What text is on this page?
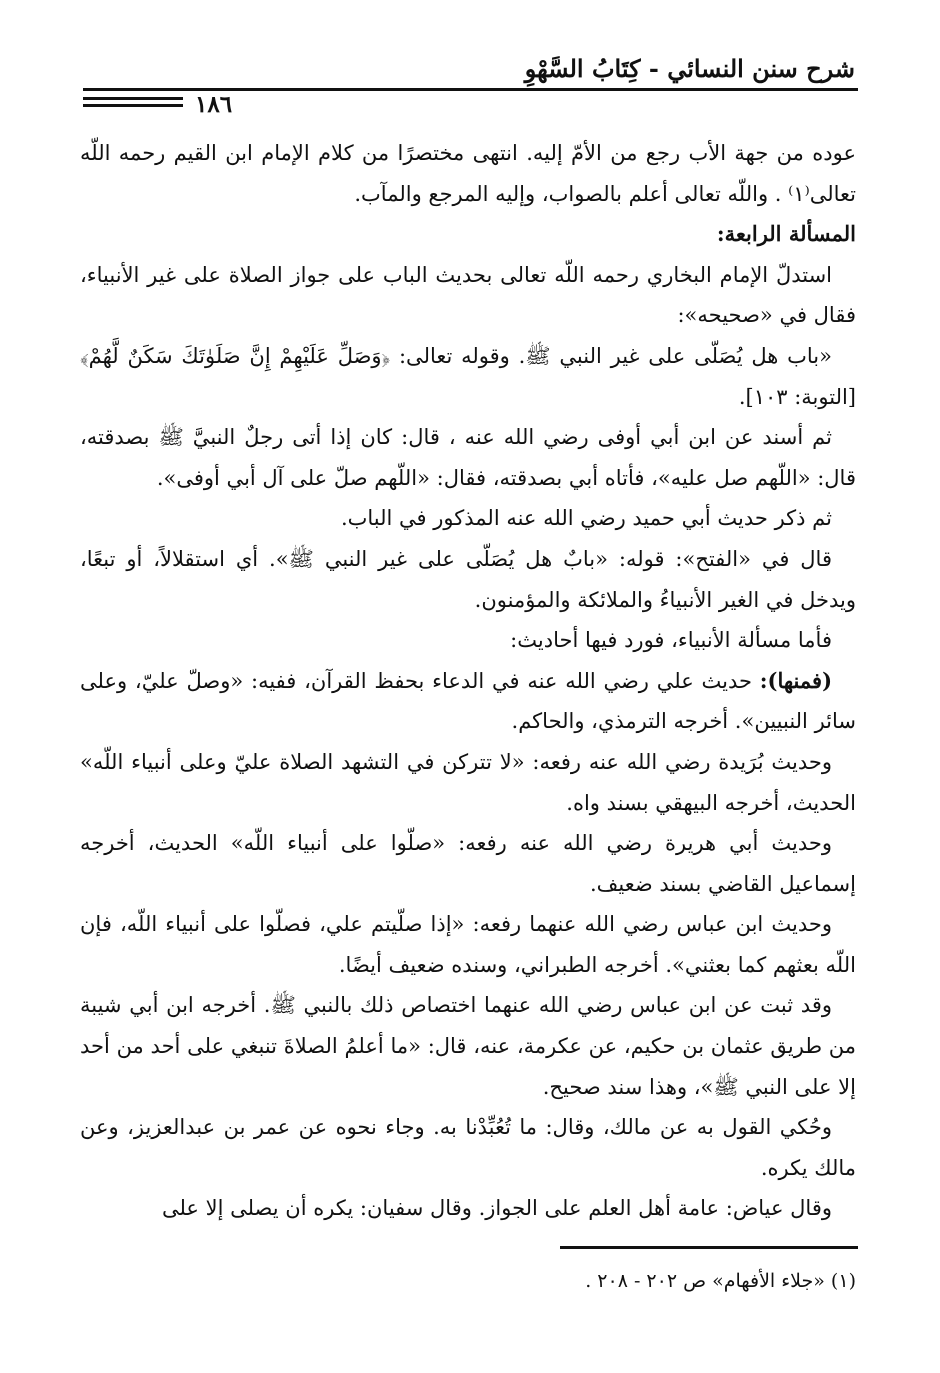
شرح سنن النسائي - كِتَابُ السَّهْوِ
١٨٦

عوده من جهة الأب رجع من الأمّ إليه. انتهى مختصرًا من كلام الإمام ابن القيم رحمه اللّه تعالى⁽١⁾ . واللّه تعالى أعلم بالصواب، وإليه المرجع والمآب.

المسألة الرابعة:

استدلّ الإمام البخاري رحمه اللّه تعالى بحديث الباب على جواز الصلاة على غير الأنبياء، فقال في «صحيحه»:

«باب هل يُصَلّى على غير النبي ﷺ. وقوله تعالى: ﴿وَصَلِّ عَلَيْهِمْ إِنَّ صَلَوٰتَكَ سَكَنٌ لَّهُمْ﴾ [التوبة: ١٠٣].

ثم أسند عن ابن أبي أوفى رضي الله عنه ، قال: كان إذا أتى رجلٌ النبيَّ ﷺ بصدقته، قال: «اللّهم صل عليه»، فأتاه أبي بصدقته، فقال: «اللّهم صلّ على آل أبي أوفى».

ثم ذكر حديث أبي حميد رضي الله عنه المذكور في الباب.

قال في «الفتح»: قوله: «بابٌ هل يُصَلّى على غير النبي ﷺ». أي استقلالاً، أو تبعًا، ويدخل في الغير الأنبياءُ والملائكة والمؤمنون.

فأما مسألة الأنبياء، فورد فيها أحاديث:

(فمنها): حديث علي رضي الله عنه في الدعاء بحفظ القرآن، ففيه: «وصلّ عليّ، وعلى سائر النبيين». أخرجه الترمذي، والحاكم.

وحديث بُرَيدة رضي الله عنه رفعه: «لا تتركن في التشهد الصلاة عليّ وعلى أنبياء اللّه» الحديث، أخرجه البيهقي بسند واه.

وحديث أبي هريرة رضي الله عنه رفعه: «صلّوا على أنبياء اللّه» الحديث، أخرجه إسماعيل القاضي بسند ضعيف.

وحديث ابن عباس رضي الله عنهما رفعه: «إذا صلّيتم علي، فصلّوا على أنبياء اللّه، فإن اللّه بعثهم كما بعثني». أخرجه الطبراني، وسنده ضعيف أيضًا.

وقد ثبت عن ابن عباس رضي الله عنهما اختصاص ذلك بالنبي ﷺ. أخرجه ابن أبي شيبة من طريق عثمان بن حكيم، عن عكرمة، عنه، قال: «ما أعلمُ الصلاةَ تنبغي على أحد من أحد إلا على النبي ﷺ»، وهذا سند صحيح.

وحُكي القول به عن مالك، وقال: ما تُعُبِّدْنا به. وجاء نحوه عن عمر بن عبدالعزيز، وعن مالك يكره.

وقال عياض: عامة أهل العلم على الجواز. وقال سفيان: يكره أن يصلى إلا على

(١) «جلاء الأفهام» ص ٢٠٢ - ٢٠٨ .
